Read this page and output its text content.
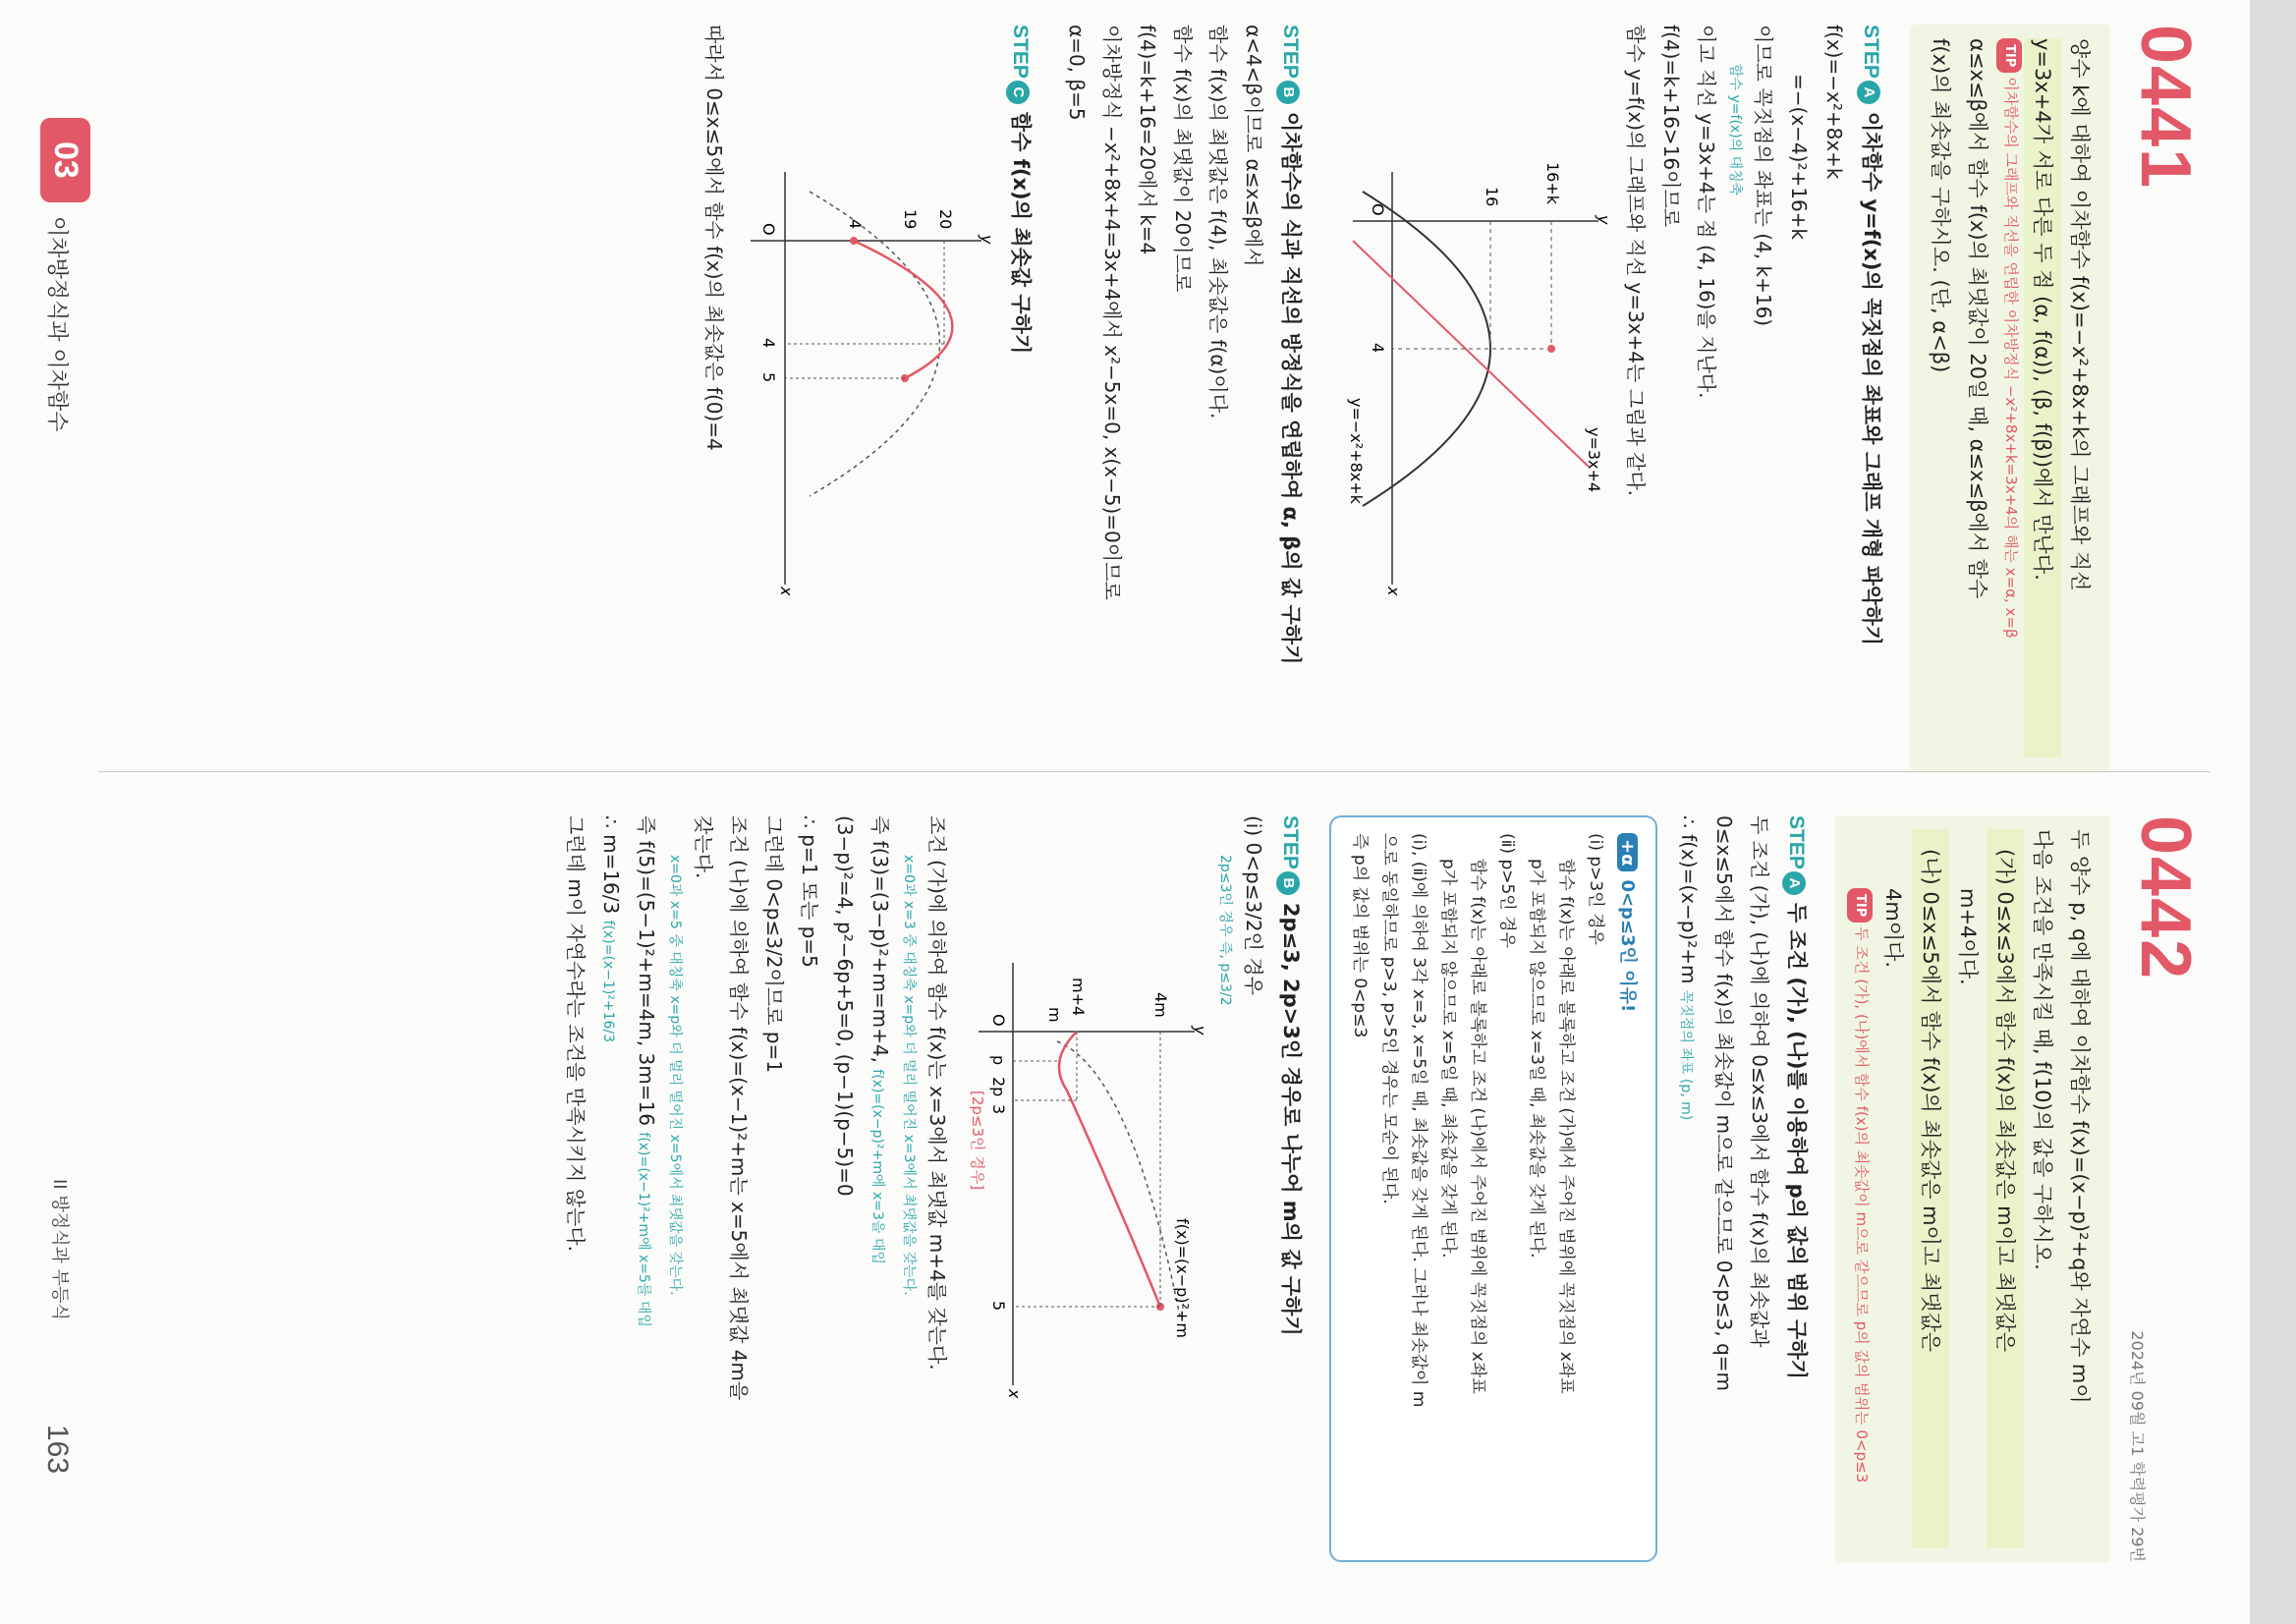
0441
양수 k에 대하여 이차함수 f(x)=−x²+8x+k의 그래프와 직선
y=3x+4가 서로 다른 두 점 (α, f(α)), (β, f(β))에서 만난다.
TIP이차함수의 그래프와 직선을 연립한 이차방정식 −x²+8x+k=3x+4의 해는 x=α, x=β
α≤x≤β에서 함수 f(x)의 최댓값이 20일 때, α≤x≤β에서 함수
f(x)의 최솟값을 구하시오. (단, α<β)
STEPA이차함수 y=f(x)의 꼭짓점의 좌표와 그래프 개형 파악하기
f(x)=−x²+8x+k
=−(x−4)²+16+k
이므로 꼭짓점의 좌표는 (4, k+16)
함수 y=f(x)의 대칭축
이고 직선 y=3x+4는 점 (4, 16)을 지난다.
f(4)=k+16>16이므로
함수 y=f(x)의 그래프와 직선 y=3x+4는 그림과 같다.
16+k
16
y=3x+4
y=−x²+8x+k
O
4
x
y
STEPB이차함수의 식과 직선의 방정식을 연립하여 α, β의 값 구하기
α<4<β이므로 α≤x≤β에서
함수 f(x)의 최댓값은 f(4), 최솟값은 f(α)이다.
함수 f(x)의 최댓값이 20이므로
f(4)=k+16=20에서 k=4
이차방정식 −x²+8x+4=3x+4에서 x²−5x=0, x(x−5)=0이므로
α=0, β=5
STEPC함수 f(x)의 최솟값 구하기
y
20
19
4
O
4
5
x
따라서 0≤x≤5에서 함수 f(x)의 최솟값은 f(0)=4
0442
2024년 09월 고1 학력평가 29번
두 양수 p, q에 대하여 이차함수 f(x)=(x−p)²+q와 자연수 m이
다음 조건을 만족시킬 때, f(10)의 값을 구하시오.
(가) 0≤x≤3에서 함수 f(x)의 최솟값은 m이고 최댓값은
m+4이다.
(나) 0≤x≤5에서 함수 f(x)의 최솟값은 m이고 최댓값은
4m이다.
TIP두 조건 (가), (나)에서 함수 f(x)의 최솟값이 m으로 같으므로 p의 값의 범위는 0<p≤3
STEPA두 조건 (가), (나)를 이용하여 p의 값의 범위 구하기
두 조건 (가), (나)에 의하여 0≤x≤3에서 함수 f(x)의 최솟값과
0≤x≤5에서 함수 f(x)의 최솟값이 m으로 같으므로 0<p≤3, q=m
∴ f(x)=(x−p)²+m 꼭짓점의 좌표 (p, m)
+α0<p≤3인 이유!
(ⅰ) p>3인 경우
함수 f(x)는 아래로 볼록하고 조건 (가)에서 주어진 범위에 꼭짓점의 x좌표
p가 포함되지 않으므로 x=3일 때, 최솟값을 갖게 된다.
(ⅱ) p>5인 경우
함수 f(x)는 아래로 볼록하고 조건 (나)에서 주어진 범위에 꼭짓점의 x좌표
p가 포함되지 않으므로 x=5일 때, 최솟값을 갖게 된다.
(ⅰ), (ⅱ)에 의하여 3각 x=3, x=5일 때, 최솟값을 갖게 된다. 그러나 최솟값이 m
으로 동일하므로 p>3, p>5인 경우는 모순이 된다.
즉 p의 값의 범위는 0<p≤3
STEPB2p≤3, 2p>3인 경우로 나누어 m의 값 구하기
(ⅰ) 0<p≤3/2인 경우
2p≤3인 경우 즉, p≤3/2
y
f(x)=(x−p)²+m
4m
m+4
m
O
p
2p
3
5
x
[2p≤3인 경우]
조건 (가)에 의하여 함수 f(x)는 x=3에서 최댓값 m+4를 갖는다.
x=0과 x=3 중 대칭축 x=p와 더 멀리 떨어진 x=3에서 최댓값을 갖는다.
즉 f(3)=(3−p)²+m=m+4, f(x)=(x−p)²+m에 x=3을 대입
(3−p)²=4, p²−6p+5=0, (p−1)(p−5)=0
∴ p=1 또는 p=5
그런데 0<p≤3/2이므로 p=1
조건 (나)에 의하여 함수 f(x)=(x−1)²+m는 x=5에서 최댓값 4m을
갖는다.
x=0과 x=5 중 대칭축 x=p와 더 멀리 떨어진 x=5에서 최댓값을 갖는다.
즉 f(5)=(5−1)²+m=4m, 3m=16 f(x)=(x−1)²+m에 x=5를 대입
∴ m=16/3 f(x)=(x−1)²+16/3
그런데 m이 자연수라는 조건을 만족시키지 않는다.
163
II 방정식과 부등식
03
이차방정식과 이차함수
